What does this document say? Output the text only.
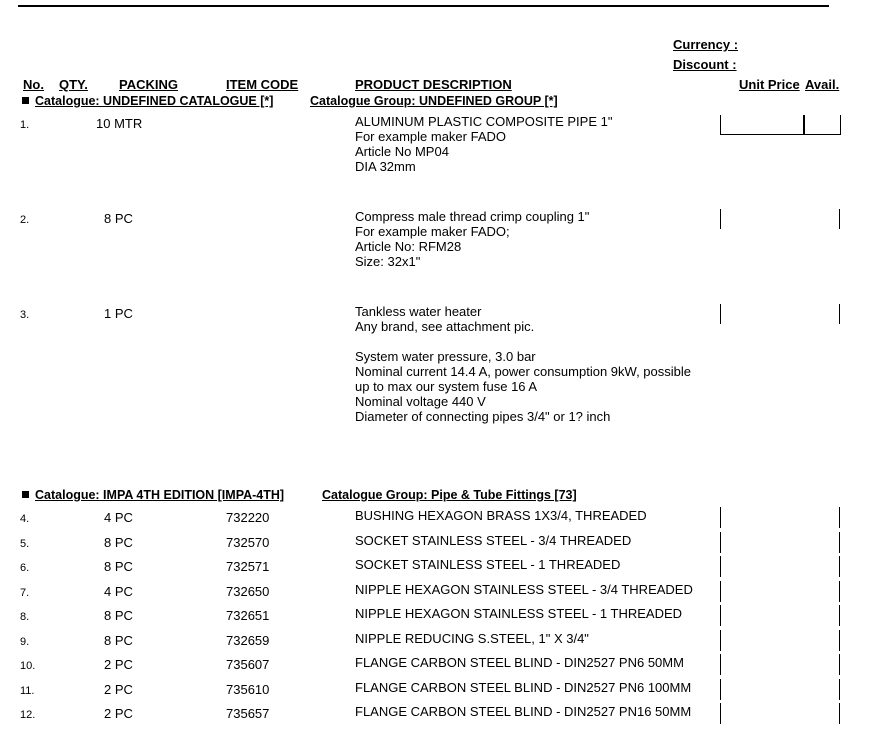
Currency :
Discount :
No. QTY. PACKING	ITEM CODE	PRODUCT DESCRIPTION	Unit Price Avail.
Catalogue: UNDEFINED CATALOGUE [*]	Catalogue Group: UNDEFINED GROUP [*]
1.	10 MTR	ALUMINUM PLASTIC COMPOSITE PIPE 1"
For example maker FADO
Article No MP04
DIA 32mm
2.	8 PC	Compress male thread crimp coupling 1"
For example maker FADO;
Article No: RFM28
Size: 32x1"
3.	1 PC	Tankless water heater
Any brand, see attachment pic.
System water pressure, 3.0 bar
Nominal current 14.4 A, power consumption 9kW, possible
up to max our system fuse 16 A
Nominal voltage 440 V
Diameter of connecting pipes 3/4" or 1? inch
Catalogue: IMPA 4TH EDITION [IMPA-4TH]	Catalogue Group: Pipe & Tube Fittings [73]
4.	4 PC	732220	BUSHING HEXAGON BRASS 1X3/4, THREADED
5.	8 PC	732570	SOCKET STAINLESS STEEL - 3/4 THREADED
6.	8 PC	732571	SOCKET STAINLESS STEEL - 1 THREADED
7.	4 PC	732650	NIPPLE HEXAGON STAINLESS STEEL - 3/4 THREADED
8.	8 PC	732651	NIPPLE HEXAGON STAINLESS STEEL - 1 THREADED
9.	8 PC	732659	NIPPLE REDUCING S.STEEL, 1" X 3/4"
10.	2 PC	735607	FLANGE CARBON STEEL BLIND - DIN2527 PN6 50MM
11.	2 PC	735610	FLANGE CARBON STEEL BLIND - DIN2527 PN6 100MM
12.	2 PC	735657	FLANGE CARBON STEEL BLIND - DIN2527 PN16 50MM
